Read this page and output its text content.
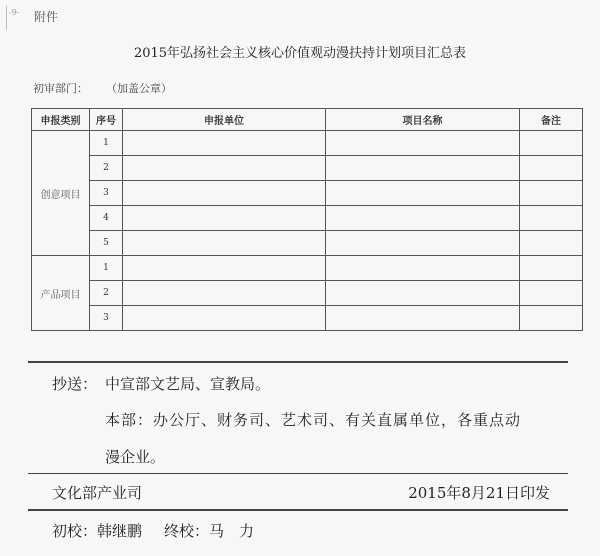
-9- 附件
2015年弘扬社会主义核心价值观动漫扶持计划项目汇总表
初审部门： （加盖公章）
申报类别	序号	申报单位	项目名称	备注
创意项目	1			
	2			
	3			
	4			
	5			
产品项目	1			
	2			
	3			
抄送： 中宣部文艺局、宣教局。
本部：办公厅、财务司、艺术司、有关直属单位，各重点动
漫企业。
文化部产业司	2015年8月21日印发
初校：韩继鹏 终校：马　力
